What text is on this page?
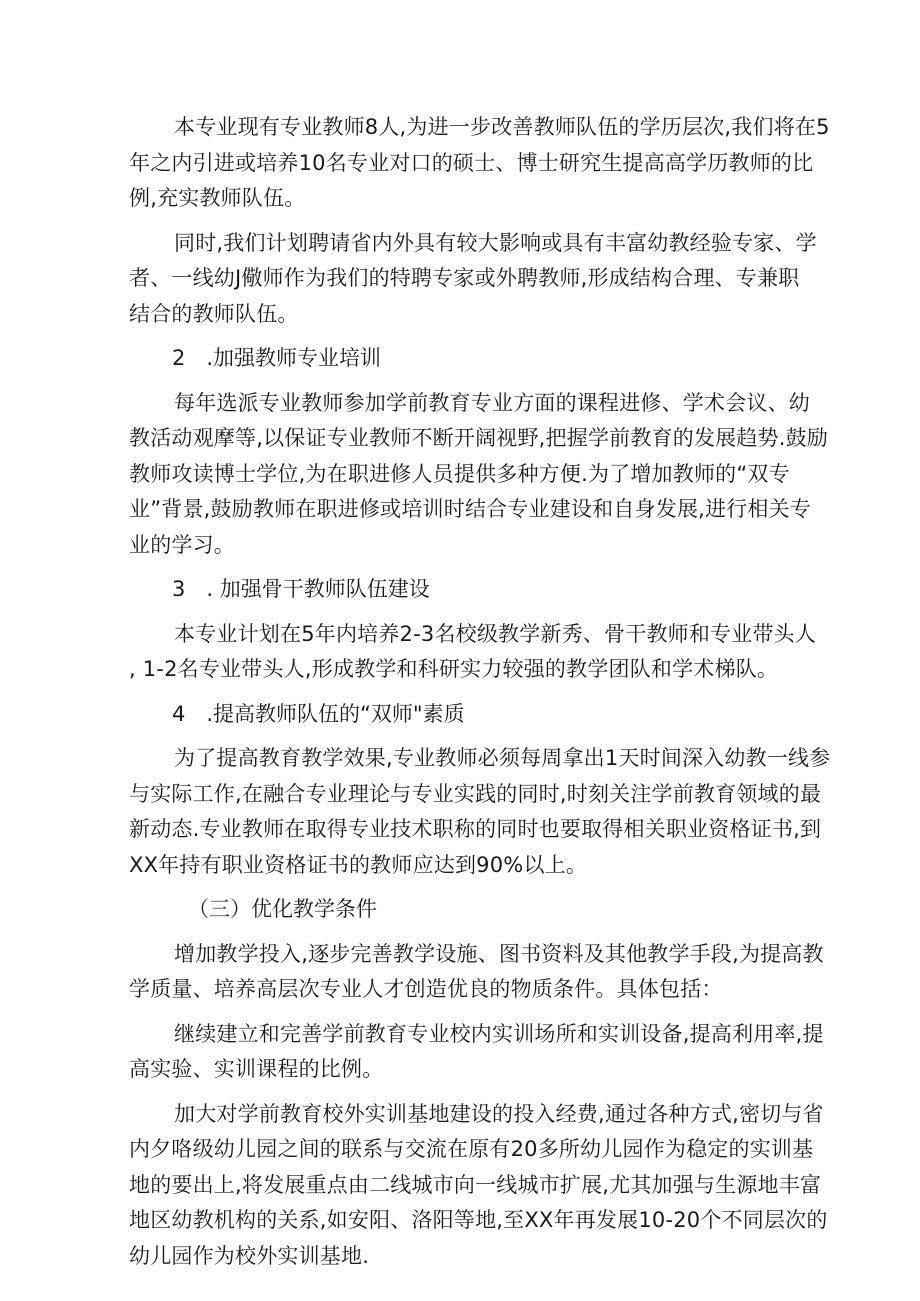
本专业现有专业教师8人,为进一步改善教师队伍的学历层次,我们将在5
年之内引进或培养10名专业对口的硕士、博士研究生提高高学历教师的比
例,充实教师队伍。

同时,我们计划聘请省内外具有较大影响或具有丰富幼教经验专家、学
者、一线幼J儆师作为我们的特聘专家或外聘教师,形成结构合理、专兼职
结合的教师队伍。

2　.加强教师专业培训

每年选派专业教师参加学前教育专业方面的课程进修、学术会议、幼
教活动观摩等,以保证专业教师不断开阔视野,把握学前教育的发展趋势.鼓励
教师攻读博士学位,为在职进修人员提供多种方便.为了增加教师的“双专
业”背景,鼓励教师在职进修或培训时结合专业建设和自身发展,进行相关专
业的学习。

3　. 加强骨干教师队伍建设

本专业计划在5年内培养2-3名校级教学新秀、骨干教师和专业带头人
, 1-2名专业带头人,形成教学和科研实力较强的教学团队和学术梯队。

4　.提高教师队伍的“双师"素质

为了提高教育教学效果,专业教师必须每周拿出1天时间深入幼教一线参
与实际工作,在融合专业理论与专业实践的同时,时刻关注学前教育领域的最
新动态.专业教师在取得专业技术职称的同时也要取得相关职业资格证书,到
XX年持有职业资格证书的教师应达到90%以上。

（三）优化教学条件

增加教学投入,逐步完善教学设施、图书资料及其他教学手段,为提高教
学质量、培养高层次专业人才创造优良的物质条件。具体包括：

继续建立和完善学前教育专业校内实训场所和实训设备,提高利用率,提
高实验、实训课程的比例。

加大对学前教育校外实训基地建设的投入经费,通过各种方式,密切与省
内夕咯级幼儿园之间的联系与交流在原有20多所幼儿园作为稳定的实训基
地的要出上,将发展重点由二线城市向一线城市扩展,尤其加强与生源地丰富
地区幼教机构的关系,如安阳、洛阳等地,至XX年再发展10-20个不同层次的
幼儿园作为校外实训基地.
